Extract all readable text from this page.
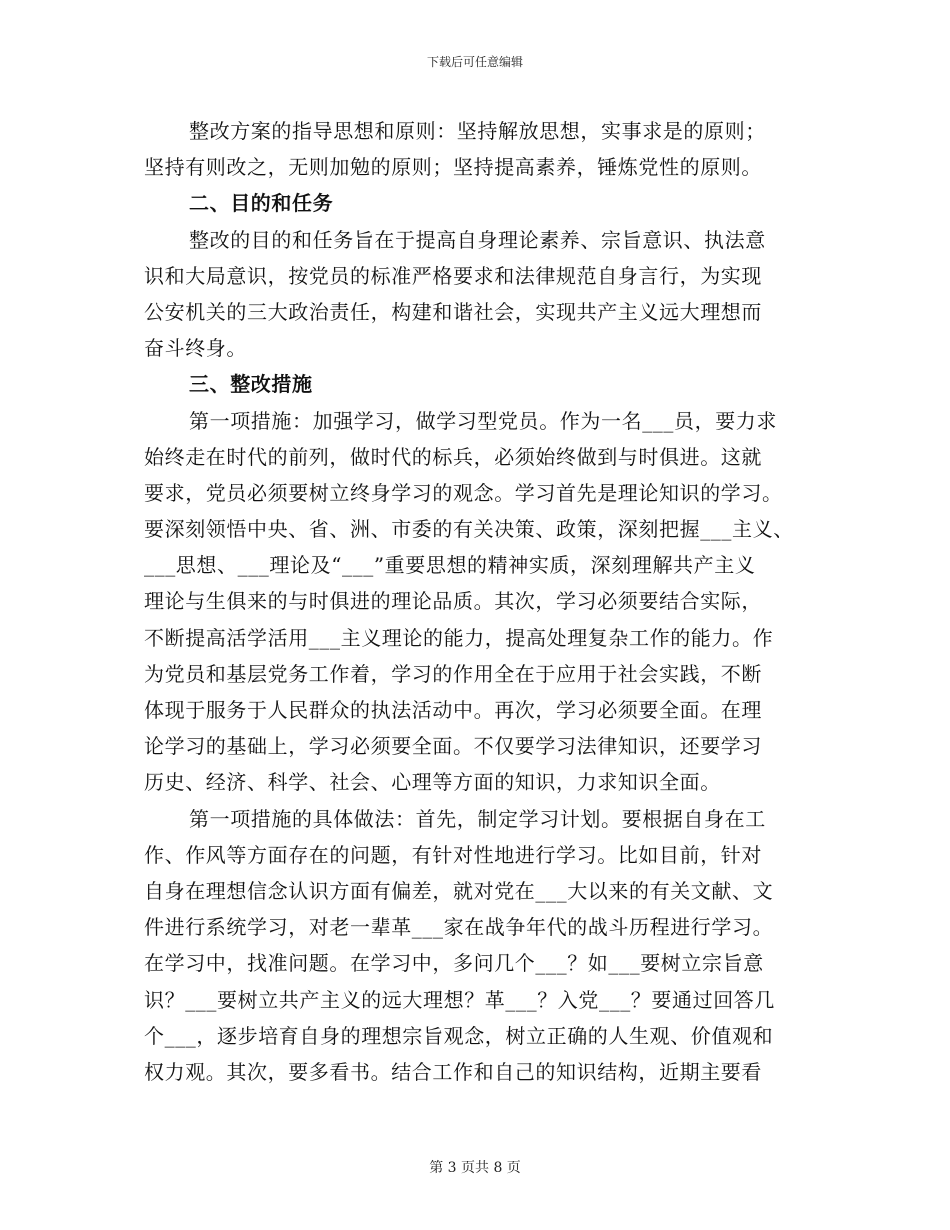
下载后可任意编辑
整改方案的指导思想和原则：坚持解放思想，实事求是的原则；
坚持有则改之，无则加勉的原则；坚持提高素养，锤炼党性的原则。
二、目的和任务
整改的目的和任务旨在于提高自身理论素养、宗旨意识、执法意
识和大局意识，按党员的标准严格要求和法律规范自身言行，为实现
公安机关的三大政治责任，构建和谐社会，实现共产主义远大理想而
奋斗终身。
三、整改措施
第一项措施：加强学习，做学习型党员。作为一名___员，要力求
始终走在时代的前列，做时代的标兵，必须始终做到与时俱进。这就
要求，党员必须要树立终身学习的观念。学习首先是理论知识的学习。
要深刻领悟中央、省、洲、市委的有关决策、政策，深刻把握___主义、
___思想、___理论及“___”重要思想的精神实质，深刻理解共产主义
理论与生俱来的与时俱进的理论品质。其次，学习必须要结合实际，
不断提高活学活用___主义理论的能力，提高处理复杂工作的能力。作
为党员和基层党务工作着，学习的作用全在于应用于社会实践，不断
体现于服务于人民群众的执法活动中。再次，学习必须要全面。在理
论学习的基础上，学习必须要全面。不仅要学习法律知识，还要学习
历史、经济、科学、社会、心理等方面的知识，力求知识全面。
第一项措施的具体做法：首先，制定学习计划。要根据自身在工
作、作风等方面存在的问题，有针对性地进行学习。比如目前，针对
自身在理想信念认识方面有偏差，就对党在___大以来的有关文献、文
件进行系统学习，对老一辈革___家在战争年代的战斗历程进行学习。
在学习中，找准问题。在学习中，多问几个___？如___要树立宗旨意
识？___要树立共产主义的远大理想？革___？入党___？要通过回答几
个___，逐步培育自身的理想宗旨观念，树立正确的人生观、价值观和
权力观。其次，要多看书。结合工作和自己的知识结构，近期主要看
第 3 页共 8 页
